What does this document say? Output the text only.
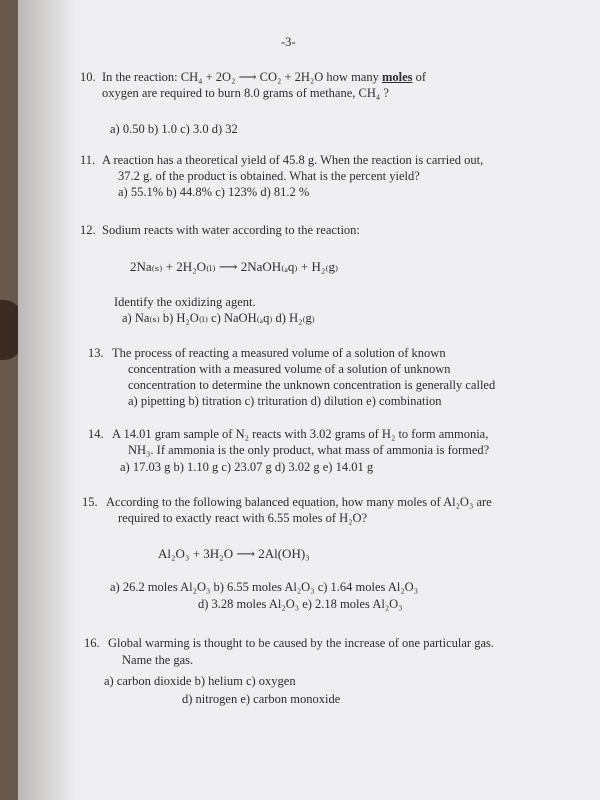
-3-
10. In the reaction: CH₄ + 2O₂ ⟶ CO₂ + 2H₂O how many moles of
oxygen are required to burn 8.0 grams of methane, CH₄ ?
a) 0.50 b) 1.0 c) 3.0 d) 32
11. A reaction has a theoretical yield of 45.8 g. When the reaction is carried out,
37.2 g. of the product is obtained. What is the percent yield?
a) 55.1% b) 44.8% c) 123% d) 81.2 %
12. Sodium reacts with water according to the reaction:
2Na₍ₛ₎ + 2H₂O₍ₗ₎ ⟶ 2NaOH₍ₐq₎ + H₂₍g₎
Identify the oxidizing agent.
a) Na₍ₛ₎ b) H₂O₍ₗ₎ c) NaOH₍ₐq₎ d) H₂₍g₎
13. The process of reacting a measured volume of a solution of known
concentration with a measured volume of a solution of unknown
concentration to determine the unknown concentration is generally called
a) pipetting b) titration c) trituration d) dilution e) combination
14. A 14.01 gram sample of N₂ reacts with 3.02 grams of H₂ to form ammonia,
NH₃. If ammonia is the only product, what mass of ammonia is formed?
a) 17.03 g b) 1.10 g c) 23.07 g d) 3.02 g e) 14.01 g
15. According to the following balanced equation, how many moles of Al₂O₃ are
required to exactly react with 6.55 moles of H₂O?
Al₂O₃ + 3H₂O ⟶ 2Al(OH)₃
a) 26.2 moles Al₂O₃ b) 6.55 moles Al₂O₃ c) 1.64 moles Al₂O₃
d) 3.28 moles Al₂O₃ e) 2.18 moles Al₂O₃
16. Global warming is thought to be caused by the increase of one particular gas.
Name the gas.
a) carbon dioxide b) helium c) oxygen
d) nitrogen e) carbon monoxide
